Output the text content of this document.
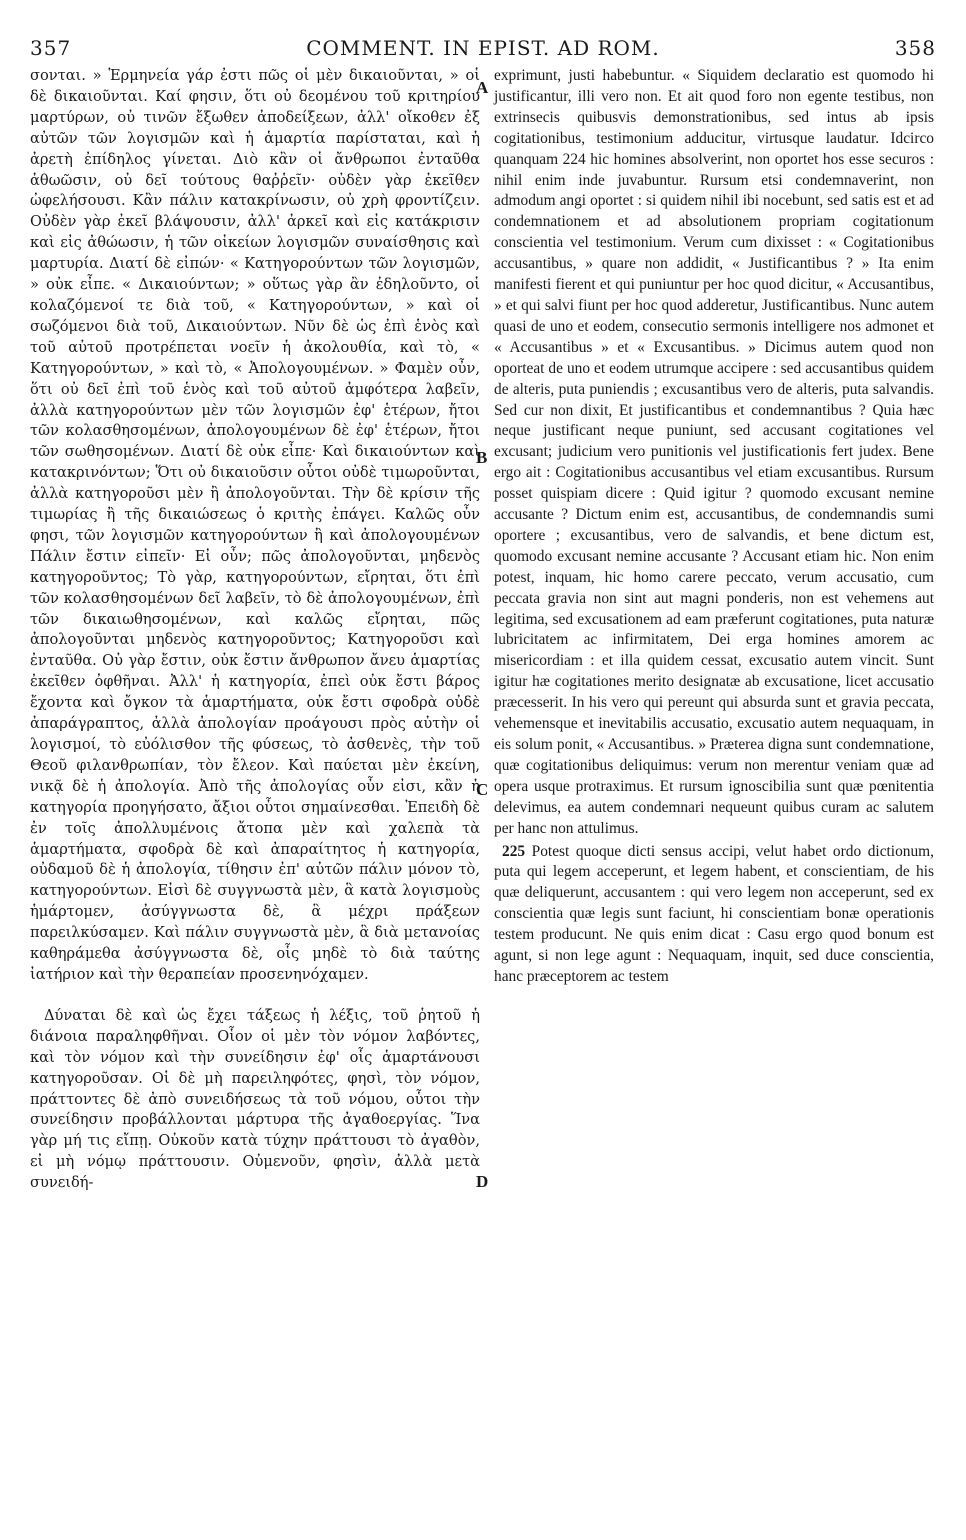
357	COMMENT. IN EPIST. AD ROM.	358

σονται. » Ἑρμηνεία γάρ ἐστι πῶς οἱ μὲν δικαιοῦνται, » οἱ δὲ δικαιοῦνται. Καί φησιν, ὅτι οὐ δεομένου τοῦ κριτηρίου μαρτύρων, οὐ τινῶν ἔξωθεν ἀποδείξεων, ἀλλ' οἴκοθεν ἐξ αὐτῶν τῶν λογισμῶν καὶ ἡ ἁμαρτία παρίσταται, καὶ ἡ ἀρετὴ ἐπίδηλος γίνεται. Διὸ κἂν οἱ ἄνθρωποι ἐνταῦθα ἀθωῶσιν, οὐ δεῖ τούτους θαῤῥεῖν· οὐδὲν γὰρ ἐκεῖθεν ὠφελήσουσι. Κἂν πάλιν κατακρίνωσιν, οὐ χρὴ φροντίζειν. Οὐδὲν γὰρ ἐκεῖ βλάψουσιν, ἀλλ' ἀρκεῖ καὶ εἰς κατάκρισιν καὶ εἰς ἀθώωσιν, ἡ τῶν οἰκείων λογισμῶν συναίσθησις καὶ μαρτυρία. Διατί δὲ εἰπών· « Κατηγορούντων τῶν λογισμῶν, » οὐκ εἶπε. « Δικαιούντων; » οὕτως γὰρ ἂν ἐδηλοῦντο, οἱ κολαζόμενοί τε διὰ τοῦ, « Κατηγορούντων, » καὶ οἱ σωζόμενοι διὰ τοῦ, Δικαιούντων. Νῦν δὲ ὡς ἐπὶ ἑνὸς καὶ τοῦ αὐτοῦ προτρέπεται νοεῖν ἡ ἀκολουθία, καὶ τὸ, « Κατηγορούντων, » καὶ τὸ, « Ἀπολογουμένων. » Φαμὲν οὖν, ὅτι οὐ δεῖ ἐπὶ τοῦ ἑνὸς καὶ τοῦ αὐτοῦ ἀμφότερα λαβεῖν, ἀλλὰ κατηγορούντων μὲν τῶν λογισμῶν ἐφ' ἑτέρων, ἤτοι τῶν κολασθησομένων, ἀπολογουμένων δὲ ἐφ' ἑτέρων, ἤτοι τῶν σωθησομένων. Διατί δὲ οὐκ εἶπε· Καὶ δικαιούντων καὶ κατακρινόντων; Ὅτι οὐ δικαιοῦσιν οὗτοι οὐδὲ τιμωροῦνται, ἀλλὰ κατηγοροῦσι μὲν ἢ ἀπολογοῦνται. Τὴν δὲ κρίσιν τῆς τιμωρίας ἢ τῆς δικαιώσεως ὁ κριτὴς ἐπάγει. Καλῶς οὖν φησι, τῶν λογισμῶν κατηγορούντων ἢ καὶ ἀπολογουμένων Πάλιν ἔστιν εἰπεῖν· Εἰ οὖν; πῶς ἀπολογοῦνται, μηδενὸς κατηγοροῦντος; Τὸ γὰρ, κατηγορούντων, εἴρηται, ὅτι ἐπὶ τῶν κολασθησομένων δεῖ λαβεῖν, τὸ δὲ ἀπολογουμένων, ἐπὶ τῶν δικαιωθησομένων, καὶ καλῶς εἴρηται, πῶς ἀπολογοῦνται μηδενὸς κατηγοροῦντος; Κατηγοροῦσι καὶ ἐνταῦθα. Οὐ γὰρ ἔστιν, οὐκ ἔστιν ἄνθρωπον ἄνευ ἁμαρτίας ἐκεῖθεν ὀφθῆναι. Ἀλλ' ἡ κατηγορία, ἐπεὶ οὐκ ἔστι βάρος ἔχοντα καὶ ὄγκον τὰ ἁμαρτήματα, οὐκ ἔστι σφοδρὰ οὐδὲ ἀπαράγραπτος, ἀλλὰ ἀπολογίαν προάγουσι πρὸς αὐτὴν οἱ λογισμοί, τὸ εὐόλισθον τῆς φύσεως, τὸ ἀσθενὲς, τὴν τοῦ Θεοῦ φιλανθρωπίαν, τὸν ἔλεον. Καὶ παύεται μὲν ἐκείνη, νικᾷ δὲ ἡ ἀπολογία. Ἀπὸ τῆς ἀπολογίας οὖν εἰσι, κἂν ἡ κατηγορία προηγήσατο, ἄξιοι οὗτοι σημαίνεσθαι. Ἐπειδὴ δὲ ἐν τοῖς ἀπολλυμένοις ἄτοπα μὲν καὶ χαλεπὰ τὰ ἁμαρτήματα, σφοδρὰ δὲ καὶ ἀπαραίτητος ἡ κατηγορία, οὐδαμοῦ δὲ ἡ ἀπολογία, τίθησιν ἐπ' αὐτῶν πάλιν μόνον τὸ, κατηγορούντων. Εἰσὶ δὲ συγγνωστὰ μὲν, ἃ κατὰ λογισμοὺς ἡμάρτομεν, ἀσύγγνωστα δὲ, ἃ μέχρι πράξεων παρειλκύσαμεν. Καὶ πάλιν συγγνωστὰ μὲν, ἃ διὰ μετανοίας καθηράμεθα ἀσύγγνωστα δὲ, οἷς μηδὲ τὸ διὰ ταύτης ἰατήριον καὶ τὴν θεραπείαν προσενηνόχαμεν.

Δύναται δὲ καὶ ὡς ἔχει τάξεως ἡ λέξις, τοῦ ῥητοῦ ἡ διάνοια παραληφθῆναι. Οἷον οἱ μὲν τὸν νόμον λαβόντες, καὶ τὸν νόμον καὶ τὴν συνείδησιν ἐφ' οἷς ἁμαρτάνουσι κατηγοροῦσαν. Οἱ δὲ μὴ παρειληφότες, φησὶ, τὸν νόμον, πράττοντες δὲ ἀπὸ συνειδήσεως τὰ τοῦ νόμου, οὗτοι τὴν συνείδησιν προβάλλονται μάρτυρα τῆς ἀγαθοεργίας. Ἵνα γὰρ μή τις εἴπῃ. Οὐκοῦν κατὰ τύχην πράττουσι τὸ ἀγαθὸν, εἰ μὴ νόμῳ πράττουσιν. Οὐμενοῦν, φησὶν, ἀλλὰ μετὰ συνειδή-

A
B
C
D

exprimunt, justi habebuntur. « Siquidem declaratio est quomodo hi justificantur, illi vero non. Et ait quod foro non egente testibus, non extrinsecis quibusvis demonstrationibus, sed intus ab ipsis cogitationibus, testimonium adducitur, virtusque laudatur. Idcirco quanquam 224 hic homines absolverint, non oportet hos esse securos : nihil enim inde juvabuntur. Rursum etsi condemnaverint, non admodum angi oportet : si quidem nihil ibi nocebunt, sed satis est et ad condemnationem et ad absolutionem propriam cogitationum conscientia vel testimonium. Verum cum dixisset : « Cogitationibus accusantibus, » quare non addidit, « Justificantibus ? » Ita enim manifesti fierent et qui puniuntur per hoc quod dicitur, « Accusantibus, » et qui salvi fiunt per hoc quod adderetur, Justificantibus. Nunc autem quasi de uno et eodem, consecutio sermonis intelligere nos admonet et « Accusantibus » et « Excusantibus. » Dicimus autem quod non oporteat de uno et eodem utrumque accipere : sed accusantibus quidem de alteris, puta puniendis ; excusantibus vero de alteris, puta salvandis. Sed cur non dixit, Et justificantibus et condemnantibus ? Quia hæc neque justificant neque puniunt, sed accusant cogitationes vel excusant; judicium vero punitionis vel justificationis fert judex. Bene ergo ait : Cogitationibus accusantibus vel etiam excusantibus. Rursum posset quispiam dicere : Quid igitur ? quomodo excusant nemine accusante ? Dictum enim est, accusantibus, de condemnandis sumi oportere ; excusantibus, vero de salvandis, et bene dictum est, quomodo excusant nemine accusante ? Accusant etiam hic. Non enim potest, inquam, hic homo carere peccato, verum accusatio, cum peccata gravia non sint aut magni ponderis, non est vehemens aut legitima, sed excusationem ad eam præferunt cogitationes, puta naturæ lubricitatem ac infirmitatem, Dei erga homines amorem ac misericordiam : et illa quidem cessat, excusatio autem vincit. Sunt igitur hæ cogitationes merito designatæ ab excusatione, licet accusatio præcesserit. In his vero qui pereunt qui absurda sunt et gravia peccata, vehemensque et inevitabilis accusatio, excusatio autem nequaquam, in eis solum ponit, « Accusantibus. » Præterea digna sunt condemnatione, quæ cogitationibus deliquimus: verum non merentur veniam quæ ad opera usque protraximus. Et rursum ignoscibilia sunt quæ pœnitentia delevimus, ea autem condemnari nequeunt quibus curam ac salutem per hanc non attulimus.

225 Potest quoque dicti sensus accipi, velut habet ordo dictionum, puta qui legem acceperunt, et legem habent, et conscientiam, de his quæ deliquerunt, accusantem : qui vero legem non acceperunt, sed ex conscientia quæ legis sunt faciunt, hi conscientiam bonæ operationis testem producunt. Ne quis enim dicat : Casu ergo quod bonum est agunt, si non lege agunt : Nequaquam, inquit, sed duce conscientia, hanc præceptorem ac testem
